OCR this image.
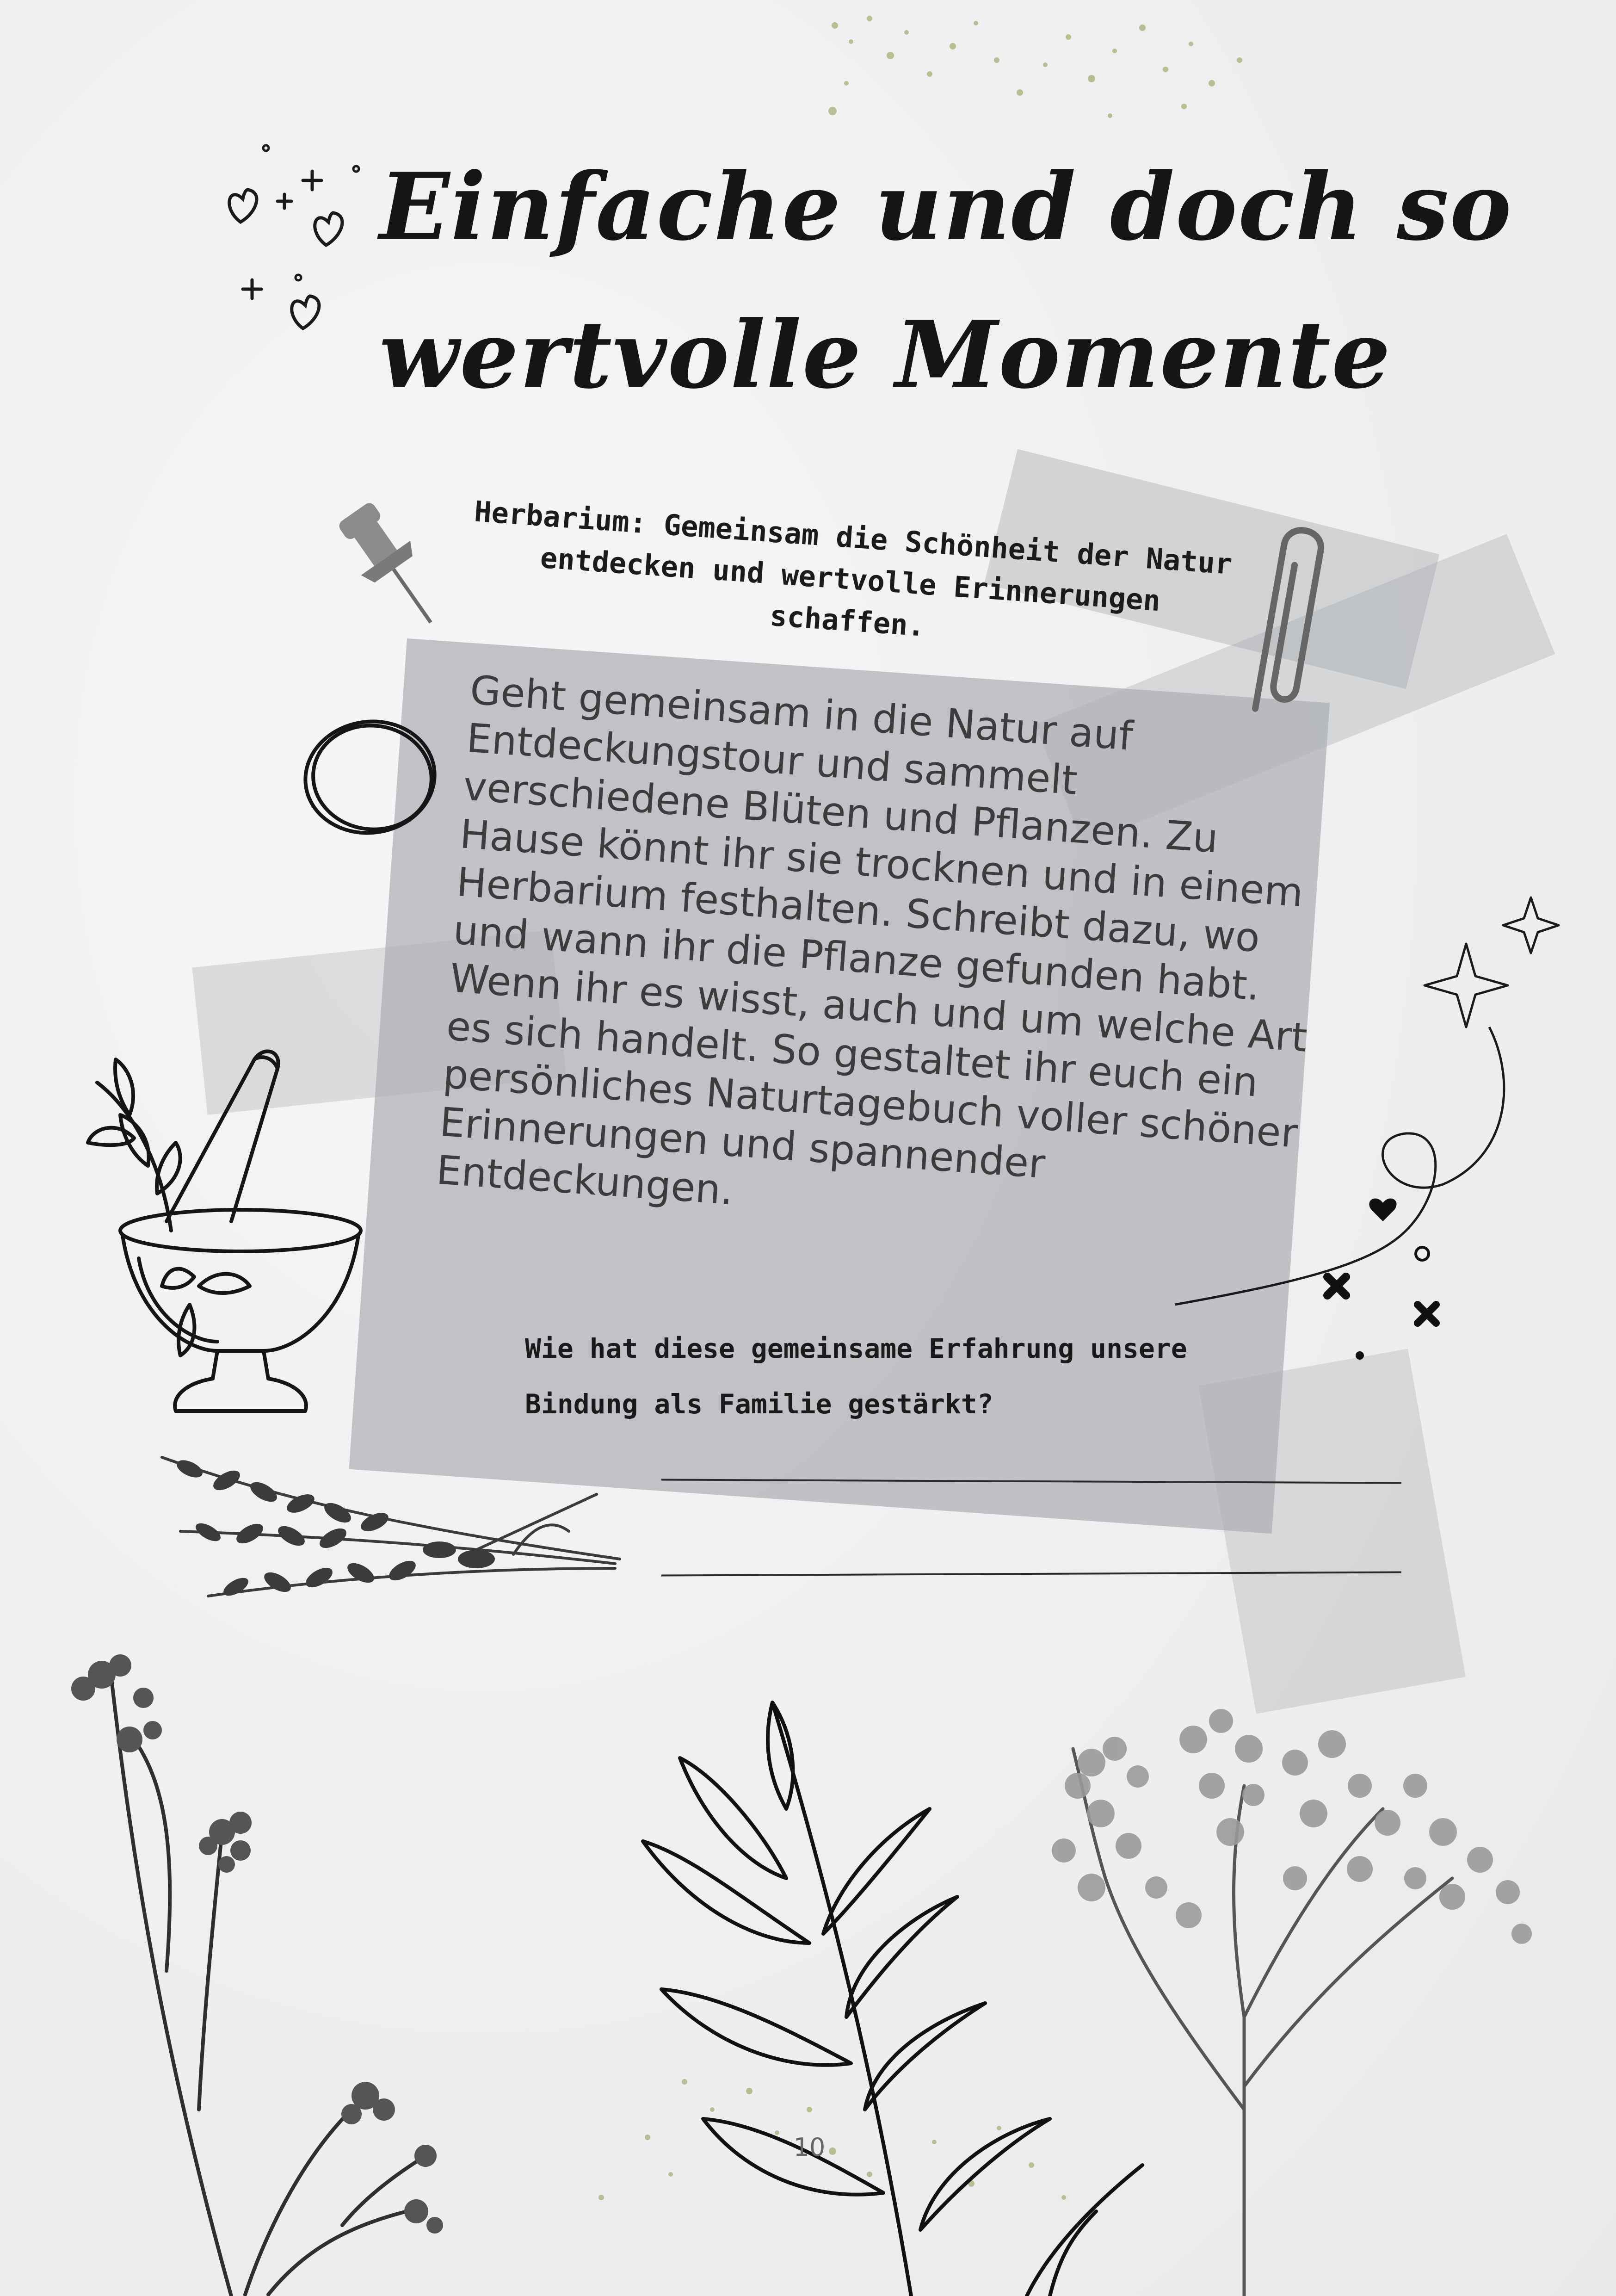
Einfache und doch so
wertvolle Momente
Herbarium: Gemeinsam die Schönheit der Natur entdecken und wertvolle Erinnerungen schaffen.
Geht gemeinsam in die Natur auf Entdeckungstour und sammelt verschiedene Blüten und Pflanzen. Zu Hause könnt ihr sie trocknen und in einem Herbarium festhalten. Schreibt dazu, wo und wann ihr die Pflanze gefunden habt. Wenn ihr es wisst, auch und um welche Art es sich handelt. So gestaltet ihr euch ein persönliches Naturtagebuch voller schöner Erinnerungen und spannender Entdeckungen.
Wie hat diese gemeinsame Erfahrung unsere
Bindung als Familie gestärkt?
10
